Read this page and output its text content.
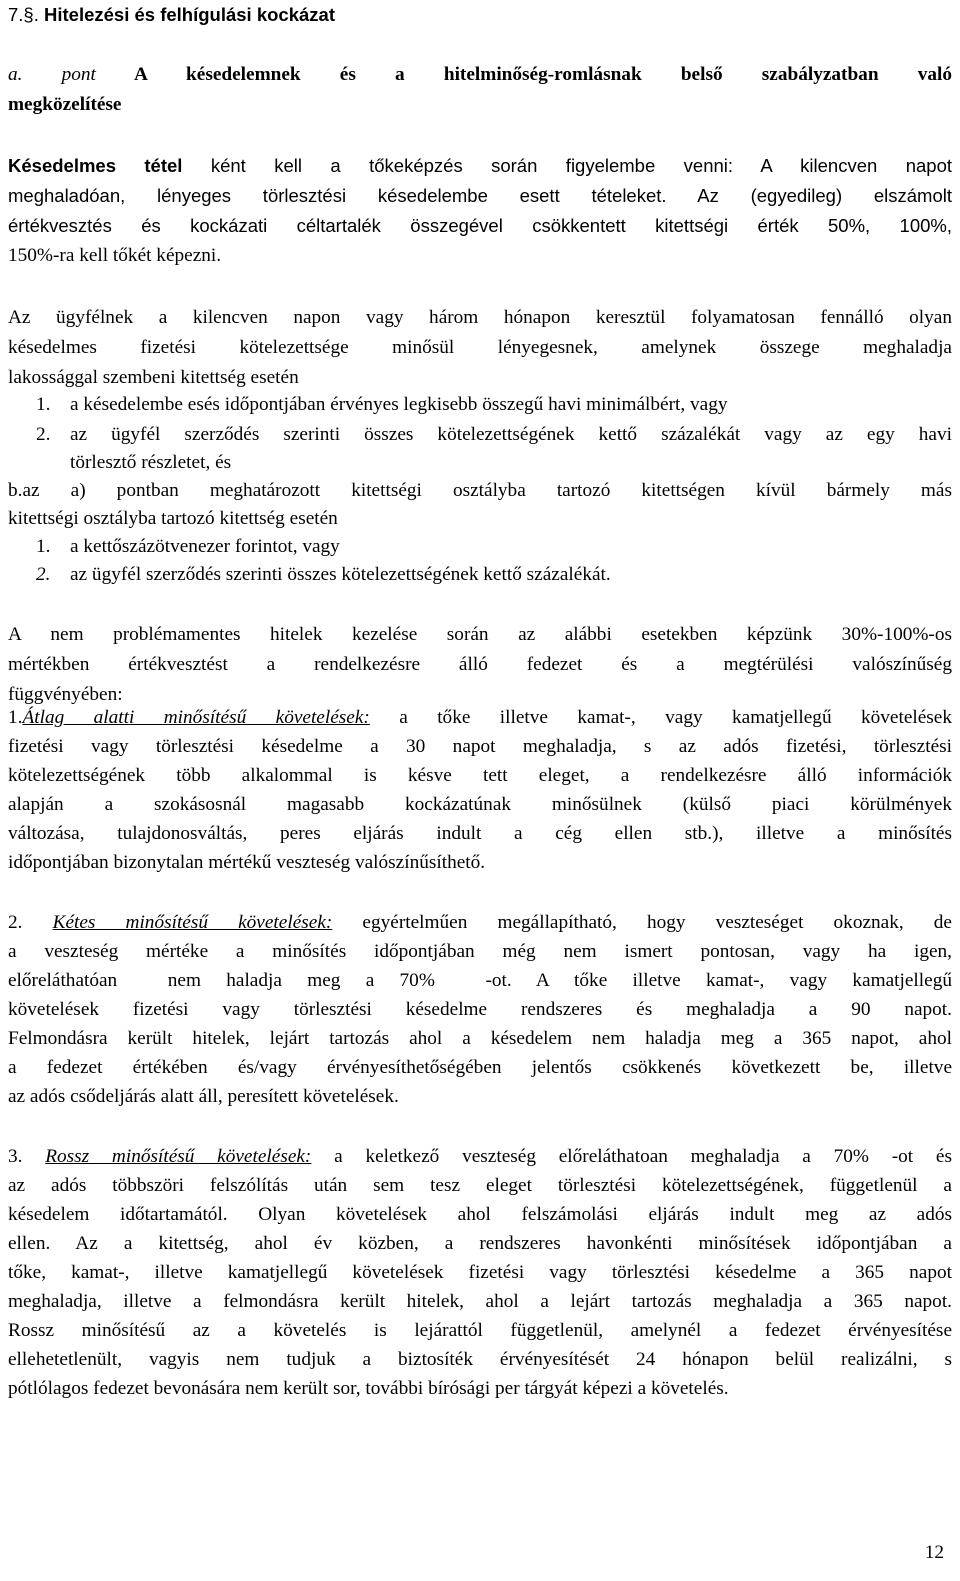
7.§. Hitelezési és felhígulási kockázat
a. pont A késedelemnek és a hitelminőség-romlásnak belső szabályzatban való
megközelítése
Késedelmes tétel ként kell a tőkeképzés során figyelembe venni: A kilencven napot
meghaladóan, lényeges törlesztési késedelembe esett tételeket. Az (egyedileg) elszámolt
értékvesztés és kockázati céltartalék összegével csökkentett kitettségi érték 50%, 100%,
150%-ra kell tőkét képezni.
Az ügyfélnek a kilencven napon vagy három hónapon keresztül folyamatosan fennálló olyan
késedelmes fizetési kötelezettsége minősül lényegesnek, amelynek összege meghaladja
lakossággal szembeni kitettség esetén
1. a késedelembe esés időpontjában érvényes legkisebb összegű havi minimálbért, vagy
2. az ügyfél szerződés szerinti összes kötelezettségének kettő százalékát vagy az egy havi
törlesztő részletet, és
b.az a) pontban meghatározott kitettségi osztályba tartozó kitettségen kívül bármely más
kitettségi osztályba tartozó kitettség esetén
1. a kettőszázötvenezer forintot, vagy
2. az ügyfél szerződés szerinti összes kötelezettségének kettő százalékát.
A nem problémamentes hitelek kezelése során az alábbi esetekben képzünk 30%-100%-os
mértékben értékvesztést a rendelkezésre álló fedezet és a megtérülési valószínűség
függvényében:
1.Átlag alatti minősítésű követelések: a tőke illetve kamat-, vagy kamatjellegű követelések
fizetési vagy törlesztési késedelme a 30 napot meghaladja, s az adós fizetési, törlesztési
kötelezettségének több alkalommal is késve tett eleget, a rendelkezésre álló információk
alapján a szokásosnál magasabb kockázatúnak minősülnek (külső piaci körülmények
változása, tulajdonosváltás, peres eljárás indult a cég ellen stb.), illetve a minősítés
időpontjában bizonytalan mértékű veszteség valószínűsíthető.
2. Kétes minősítésű követelések: egyértelműen megállapítható, hogy veszteséget okoznak, de
a veszteség mértéke a minősítés időpontjában még nem ismert pontosan, vagy ha igen,
előreláthatóan  nem haladja meg a 70%  -ot. A tőke illetve kamat-, vagy kamatjellegű
követelések fizetési vagy törlesztési késedelme rendszeres és meghaladja a 90 napot.
Felmondásra került hitelek, lejárt tartozás ahol a késedelem nem haladja meg a 365 napot, ahol
a fedezet értékében és/vagy érvényesíthetőségében jelentős csökkenés következett be, illetve
az adós csődeljárás alatt áll, peresített követelések.
3. Rossz minősítésű követelések: a keletkező veszteség előreláthatoan meghaladja a 70% -ot és
az adós többszöri felszólítás után sem tesz eleget törlesztési kötelezettségének, függetlenül a
késedelem időtartamától. Olyan követelések ahol felszámolási eljárás indult meg az adós
ellen. Az a kitettség, ahol év közben, a rendszeres havonkénti minősítések időpontjában a
tőke, kamat-, illetve kamatjellegű követelések fizetési vagy törlesztési késedelme a 365 napot
meghaladja, illetve a felmondásra került hitelek, ahol a lejárt tartozás meghaladja a 365 napot.
Rossz minősítésű az a követelés is lejárattól függetlenül, amelynél a fedezet érvényesítése
ellehetetlenült, vagyis nem tudjuk a biztosíték érvényesítését 24 hónapon belül realizálni, s
pótlólagos fedezet bevonására nem került sor, további bírósági per tárgyát képezi a követelés.
12
